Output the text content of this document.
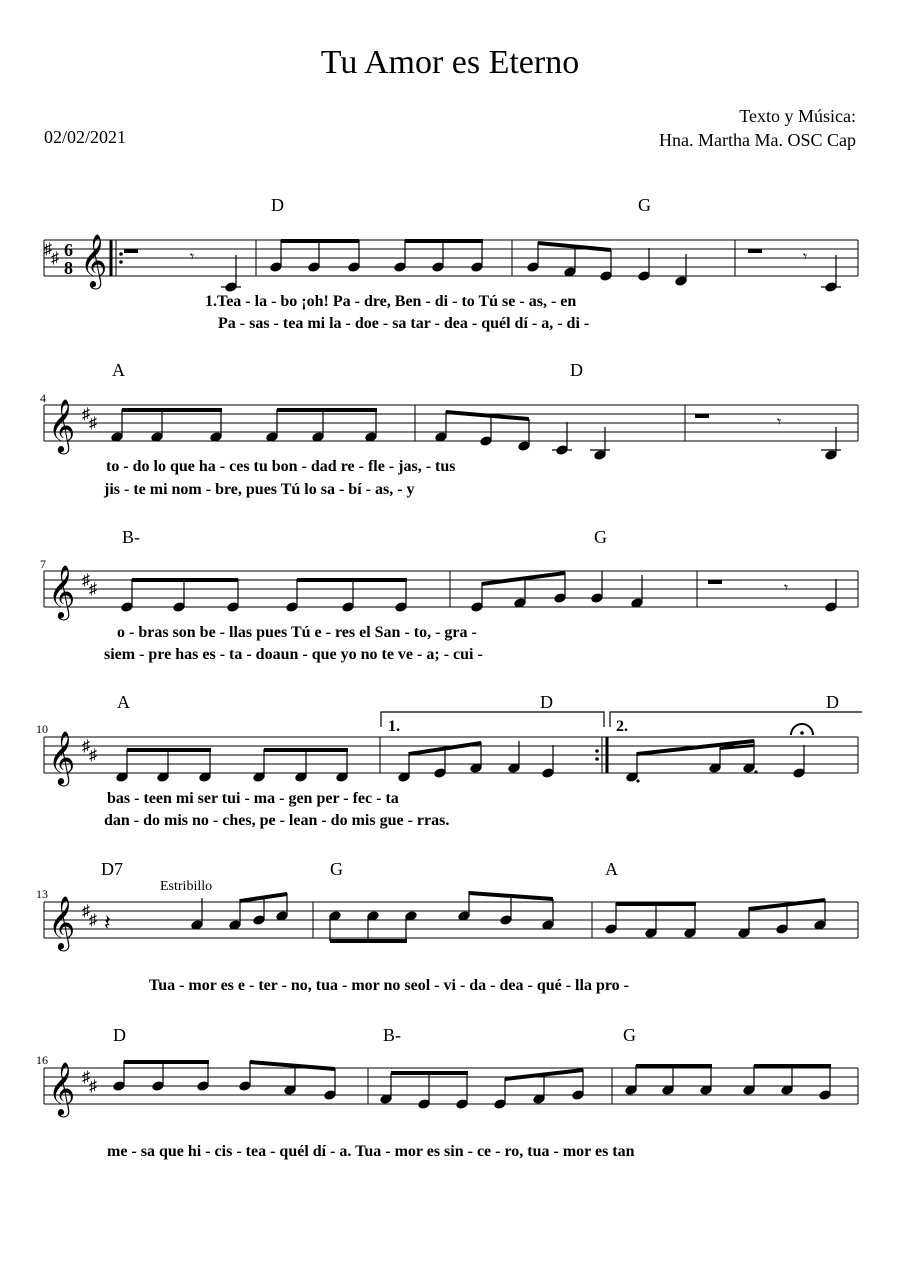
Tu Amor es Eterno
02/02/2021
Texto y Música:
Hna. Martha Ma. OSC Cap
D	G
♯
♯ 6
8 𝄞	𝄾	𝄾
1.Tea - la - bo ¡oh! Pa - dre, Ben - di - to Tú se - as, - en
Pa - sas - tea mi la - doe - sa tar - dea - quél dí - a, - di -
A	D
4
𝄞 ♯
♯	𝄾
to - do lo que ha - ces tu bon - dad re - fle - jas, - tus
jis - te mi nom - bre, pues Tú lo sa - bí - as, - y
B-	G
7
𝄞 ♯
♯	𝄾
o - bras son be - llas pues Tú e - res el San - to, - gra -
siem - pre has es - ta - doaun - que yo no te ve - a; - cui -
A	D	D
10	1.	2.
𝄞 ♯
♯
bas - teen mi ser tui - ma - gen per - fec - ta
dan - do mis no - ches, pe - lean - do mis gue - rras.
D7	G	A
Estribillo
13
𝄞 ♯
♯ 𝄽
Tua - mor es e - ter - no, tua - mor no seol - vi - da - dea - qué - lla pro -
D	B-	G
16
𝄞 ♯
♯
me - sa que hi - cis - tea - quél dí - a. Tua - mor es sin - ce - ro, tua - mor es tan
